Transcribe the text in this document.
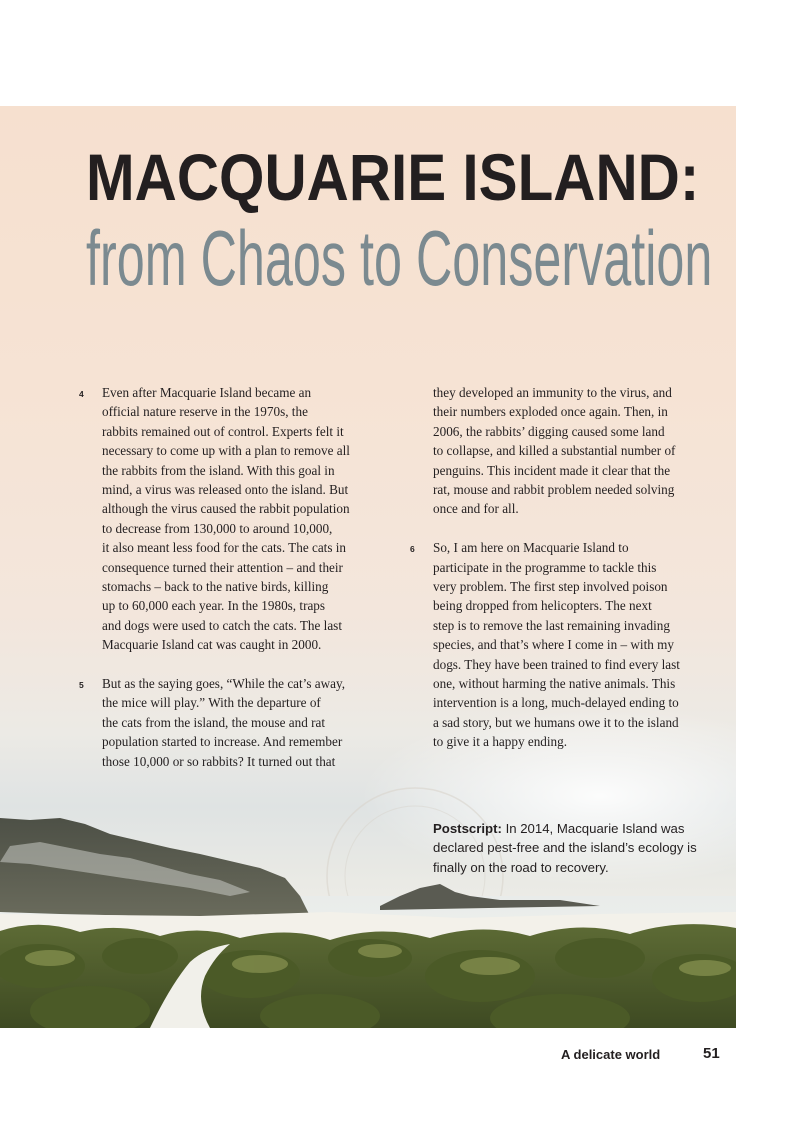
MACQUARIE ISLAND:
from Chaos to Conservation
4 Even after Macquarie Island became an
official nature reserve in the 1970s, the
rabbits remained out of control. Experts felt it
necessary to come up with a plan to remove all
the rabbits from the island. With this goal in
mind, a virus was released onto the island. But
although the virus caused the rabbit population
to decrease from 130,000 to around 10,000,
it also meant less food for the cats. The cats in
consequence turned their attention – and their
stomachs – back to the native birds, killing
up to 60,000 each year. In the 1980s, traps
and dogs were used to catch the cats. The last
Macquarie Island cat was caught in 2000.
5 But as the saying goes, “While the cat’s away,
the mice will play.” With the departure of
the cats from the island, the mouse and rat
population started to increase. And remember
those 10,000 or so rabbits? It turned out that
they developed an immunity to the virus, and
their numbers exploded once again. Then, in
2006, the rabbits’ digging caused some land
to collapse, and killed a substantial number of
penguins. This incident made it clear that the
rat, mouse and rabbit problem needed solving
once and for all.
6 So, I am here on Macquarie Island to
participate in the programme to tackle this
very problem. The first step involved poison
being dropped from helicopters. The next
step is to remove the last remaining invading
species, and that’s where I come in – with my
dogs. They have been trained to find every last
one, without harming the native animals. This
intervention is a long, much-delayed ending to
a sad story, but we humans owe it to the island
to give it a happy ending.
Postscript: In 2014, Macquarie Island was
declared pest-free and the island’s ecology is
finally on the road to recovery.
A delicate world	51
